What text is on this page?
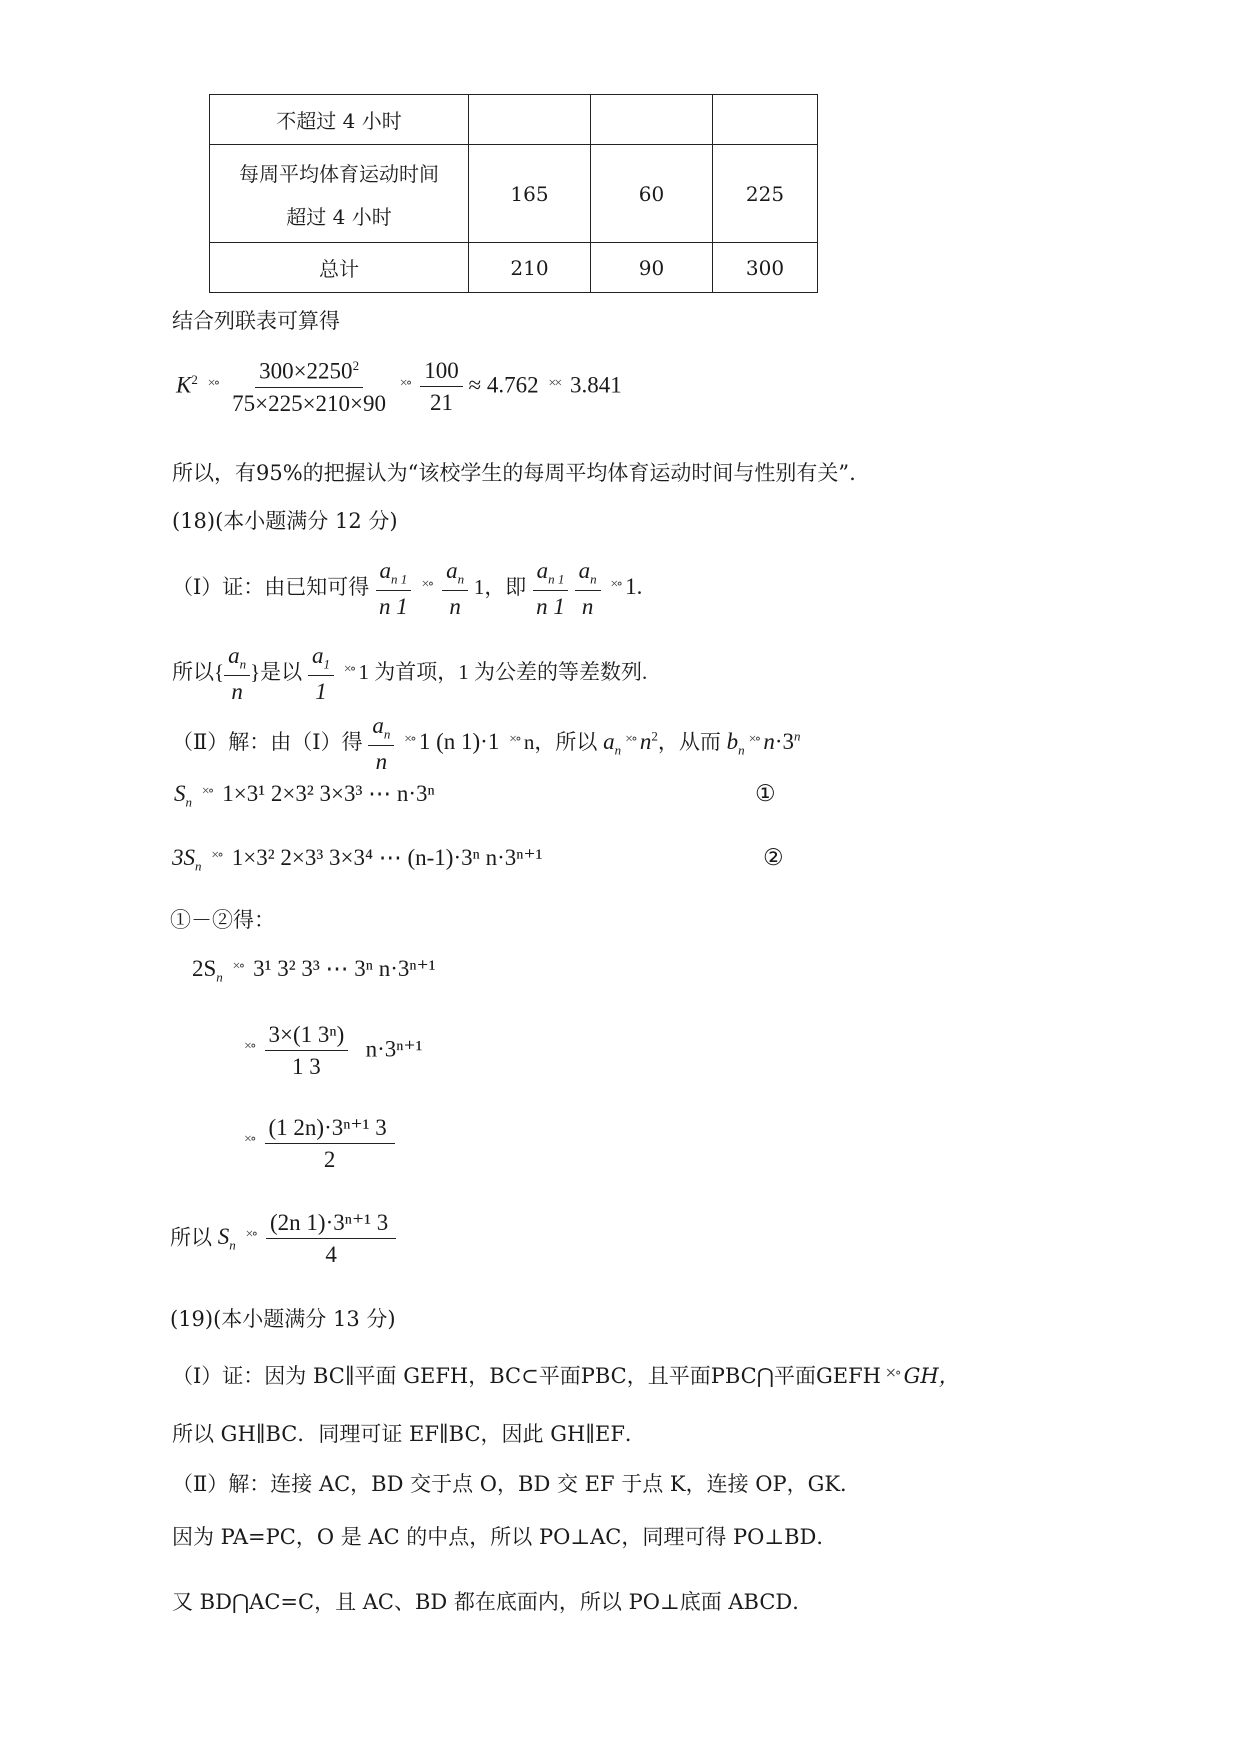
不超过 4 小时			

每周平均体育运动时间
超过 4 小时	165	60	225
总计	210	90	300
结合列联表可算得
$K^2$ $^{\times\circ} \frac{300\times 2250^2}{75\times 225\times 210\times 90} ^{\times\circ} \frac{100}{21} \approx 4.762$ ×× 3.841
所以，有95%的把握认为“该校学生的每周平均体育运动时间与性别有关”.
(18)(本小题满分 12 分)
（Ⅰ）证：由已知可得 $\frac{a_{n 1}}{n 1} ^{\times\circ} \frac{a_n}{n} 1$，即 $\frac{a_{n 1}}{n 1}$
$\frac{a_n}{n} ^{\times\circ}$ 1.
所以{ $\frac{a_n}{n}$ }是以 $\frac{a_1}{1} ^{\times\circ}$ 1 为首项，1 为公差的等差数列.
（Ⅱ）解：由（Ⅰ）得 $\frac{a_n}{n} ^{\times\circ}$ 1 (n 1)·1 ×∘ n，所以 $a_n^{\times\circ}$ $n^2$，从而 $b_n^{\times\circ}$ $n\cdot 3^n$
$S_n$ ×∘ 1×3¹ 2×3² 3×3³ ⋯ n·3ⁿ	①
$3S_n$ ×∘ 1×3² 2×3³ 3×3⁴ ⋯ (n-1)·3ⁿ n·3ⁿ⁺¹	②
①－②得：
$2S_n$ ×∘ 3¹ 3² 3³ ⋯ 3ⁿ n·3ⁿ⁺¹
$^{\times\circ} \frac{\text{3×(1 3ⁿ)}}{1 3} n\cdot 3^{n+1}$
$^{\times\circ} \frac{\text{(1 2n)·3ⁿ⁺¹ 3}}{2}$
所以 $S_n$ $^{\times\circ} \frac{\text{(2n 1)·3ⁿ⁺¹ 3}}{4}$
(19)(本小题满分 13 分)
（Ⅰ）证：因为 BC∥平面 GEFH，BC⊂平面PBC，且平面PBC⋂平面GEFH ×∘ GH，
所以 GH∥BC．同理可证 EF∥BC，因此 GH∥EF．
（Ⅱ）解：连接 AC，BD 交于点 O，BD 交 EF 于点 K，连接 OP，GK．
因为 PA=PC，O 是 AC 的中点，所以 PO⊥AC，同理可得 PO⊥BD．
又 BD⋂AC=C，且 AC、BD 都在底面内，所以 PO⊥底面 ABCD．
